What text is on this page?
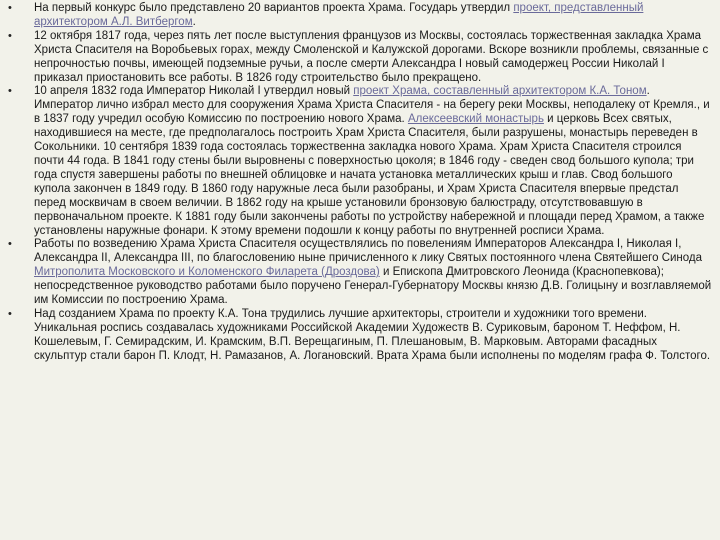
• На первый конкурс было представлено 20 вариантов проекта Храма. Государь утвердил проект, представленный архитектором А.Л. Витбергом.
• 12 октября 1817 года, через пять лет после выступления французов из Москвы, состоялась торжественная закладка Храма Христа Спасителя на Воробьевых горах, между Смоленской и Калужской дорогами. Вскоре возникли проблемы, связанные с непрочностью почвы, имеющей подземные ручьи, а после смерти Александра I новый самодержец России Николай I приказал приостановить все работы. В 1826 году строительство было прекращено.
• 10 апреля 1832 года Император Николай I утвердил новый проект Храма, составленный архитектором К.А. Тоном. Император лично избрал место для сооружения Храма Христа Спасителя - на берегу реки Москвы, неподалеку от Кремля., и в 1837 году учредил особую Комиссию по построению нового Храма. Алексеевский монастырь и церковь Всех святых, находившиеся на месте, где предполагалось построить Храм Христа Спасителя, были разрушены, монастырь переведен в Сокольники. 10 сентября 1839 года состоялась торжественна закладка нового Храма. Храм Христа Спасителя строился почти 44 года. В 1841 году стены были выровнены с поверхностью цоколя; в 1846 году - сведен свод большого купола; три года спустя завершены работы по внешней облицовке и начата установка металлических крыш и глав. Свод большого купола закончен в 1849 году. В 1860 году наружные леса были разобраны, и Храм Христа Спасителя впервые предстал перед москвичам в своем величии. В 1862 году на крыше установили бронзовую балюстраду, отсутствовавшую в первоначальном проекте. К 1881 году были закончены работы по устройству набережной и площади перед Храмом, а также установлены наружные фонари. К этому времени подошли к концу работы по внутренней росписи Храма.
• Работы по возведению Храма Христа Спасителя осуществлялись по повелениям Императоров Александра I, Николая I, Александра II, Александра III, по благословению ныне причисленного к лику Святых постоянного члена Святейшего Синода Митрополита Московского и Коломенского Филарета (Дроздова) и Епископа Дмитровского Леонида (Краснопевкова); непосредственное руководство работами было поручено Генерал-Губернатору Москвы князю Д.В. Голицыну и возглавляемой им Комиссии по построению Храма.
• Над созданием Храма по проекту К.А. Тона трудились лучшие архитекторы, строители и художники того времени. Уникальная роспись создавалась художниками Российской Академии Художеств В. Суриковым, бароном Т. Неффом, Н. Кошелевым, Г. Семирадским, И. Крамским, В.П. Верещагиным, П. Плешановым, В. Марковым. Авторами фасадных скульптур стали барон П. Клодт, Н. Рамазанов, А. Логановский. Врата Храма были исполнены по моделям графа Ф. Толстого.
